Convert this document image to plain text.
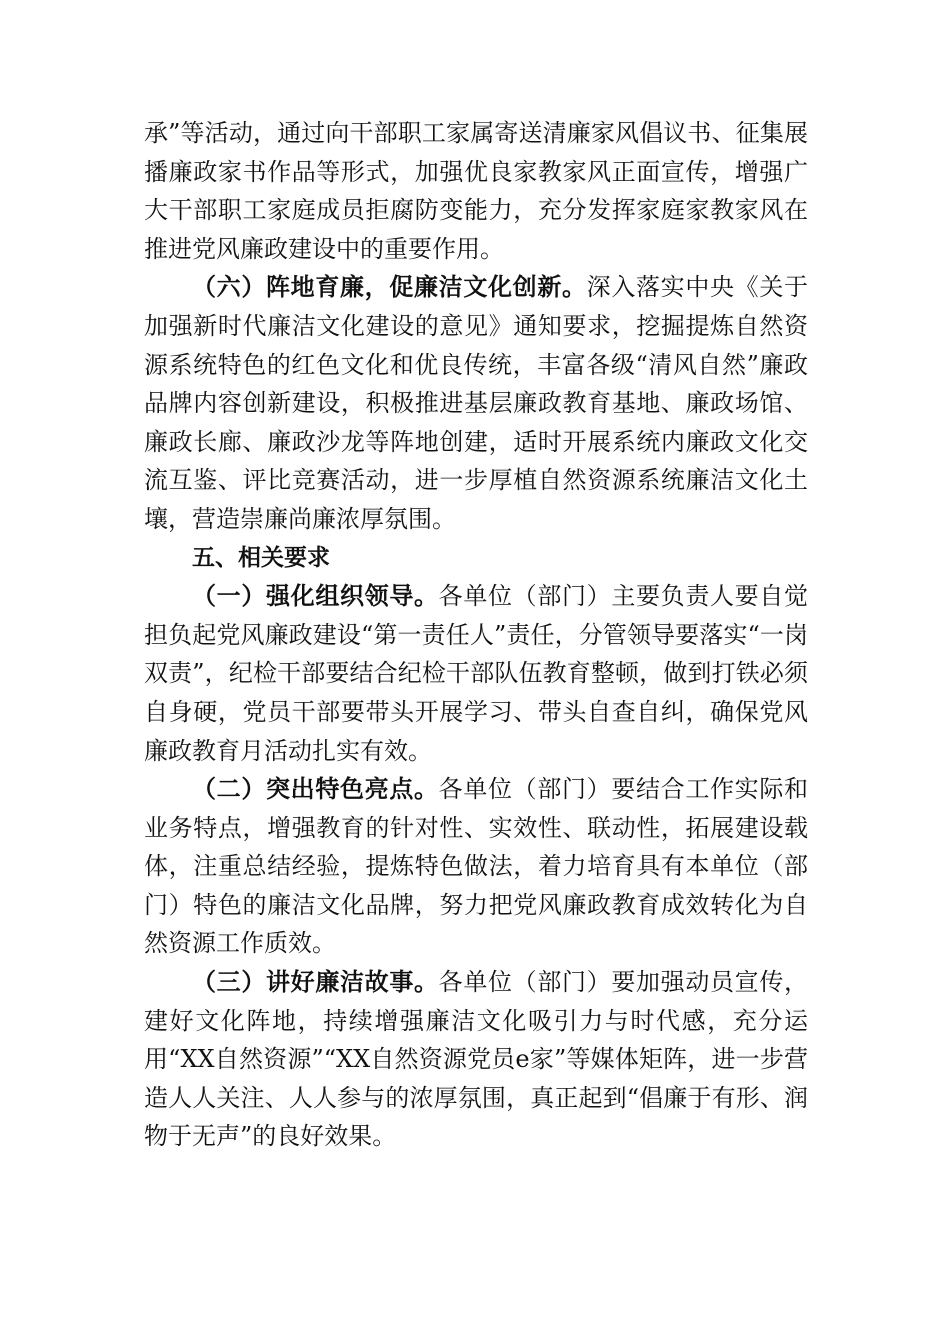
承”等活动，通过向干部职工家属寄送清廉家风倡议书、征集展播廉政家书作品等形式，加强优良家教家风正面宣传，增强广大干部职工家庭成员拒腐防变能力，充分发挥家庭家教家风在推进党风廉政建设中的重要作用。

（六）阵地育廉，促廉洁文化创新。深入落实中央《关于加强新时代廉洁文化建设的意见》通知要求，挖掘提炼自然资源系统特色的红色文化和优良传统，丰富各级“清风自然”廉政品牌内容创新建设，积极推进基层廉政教育基地、廉政场馆、廉政长廊、廉政沙龙等阵地创建，适时开展系统内廉政文化交流互鉴、评比竞赛活动，进一步厚植自然资源系统廉洁文化土壤，营造崇廉尚廉浓厚氛围。

五、相关要求

（一）强化组织领导。各单位（部门）主要负责人要自觉担负起党风廉政建设“第一责任人”责任，分管领导要落实“一岗双责”，纪检干部要结合纪检干部队伍教育整顿，做到打铁必须自身硬，党员干部要带头开展学习、带头自查自纠，确保党风廉政教育月活动扎实有效。

（二）突出特色亮点。各单位（部门）要结合工作实际和业务特点，增强教育的针对性、实效性、联动性，拓展建设载体，注重总结经验，提炼特色做法，着力培育具有本单位（部门）特色的廉洁文化品牌，努力把党风廉政教育成效转化为自然资源工作质效。

（三）讲好廉洁故事。各单位（部门）要加强动员宣传，建好文化阵地，持续增强廉洁文化吸引力与时代感，充分运用“XX自然资源”“XX自然资源党员e家”等媒体矩阵，进一步营造人人关注、人人参与的浓厚氛围，真正起到“倡廉于有形、润物于无声”的良好效果。
